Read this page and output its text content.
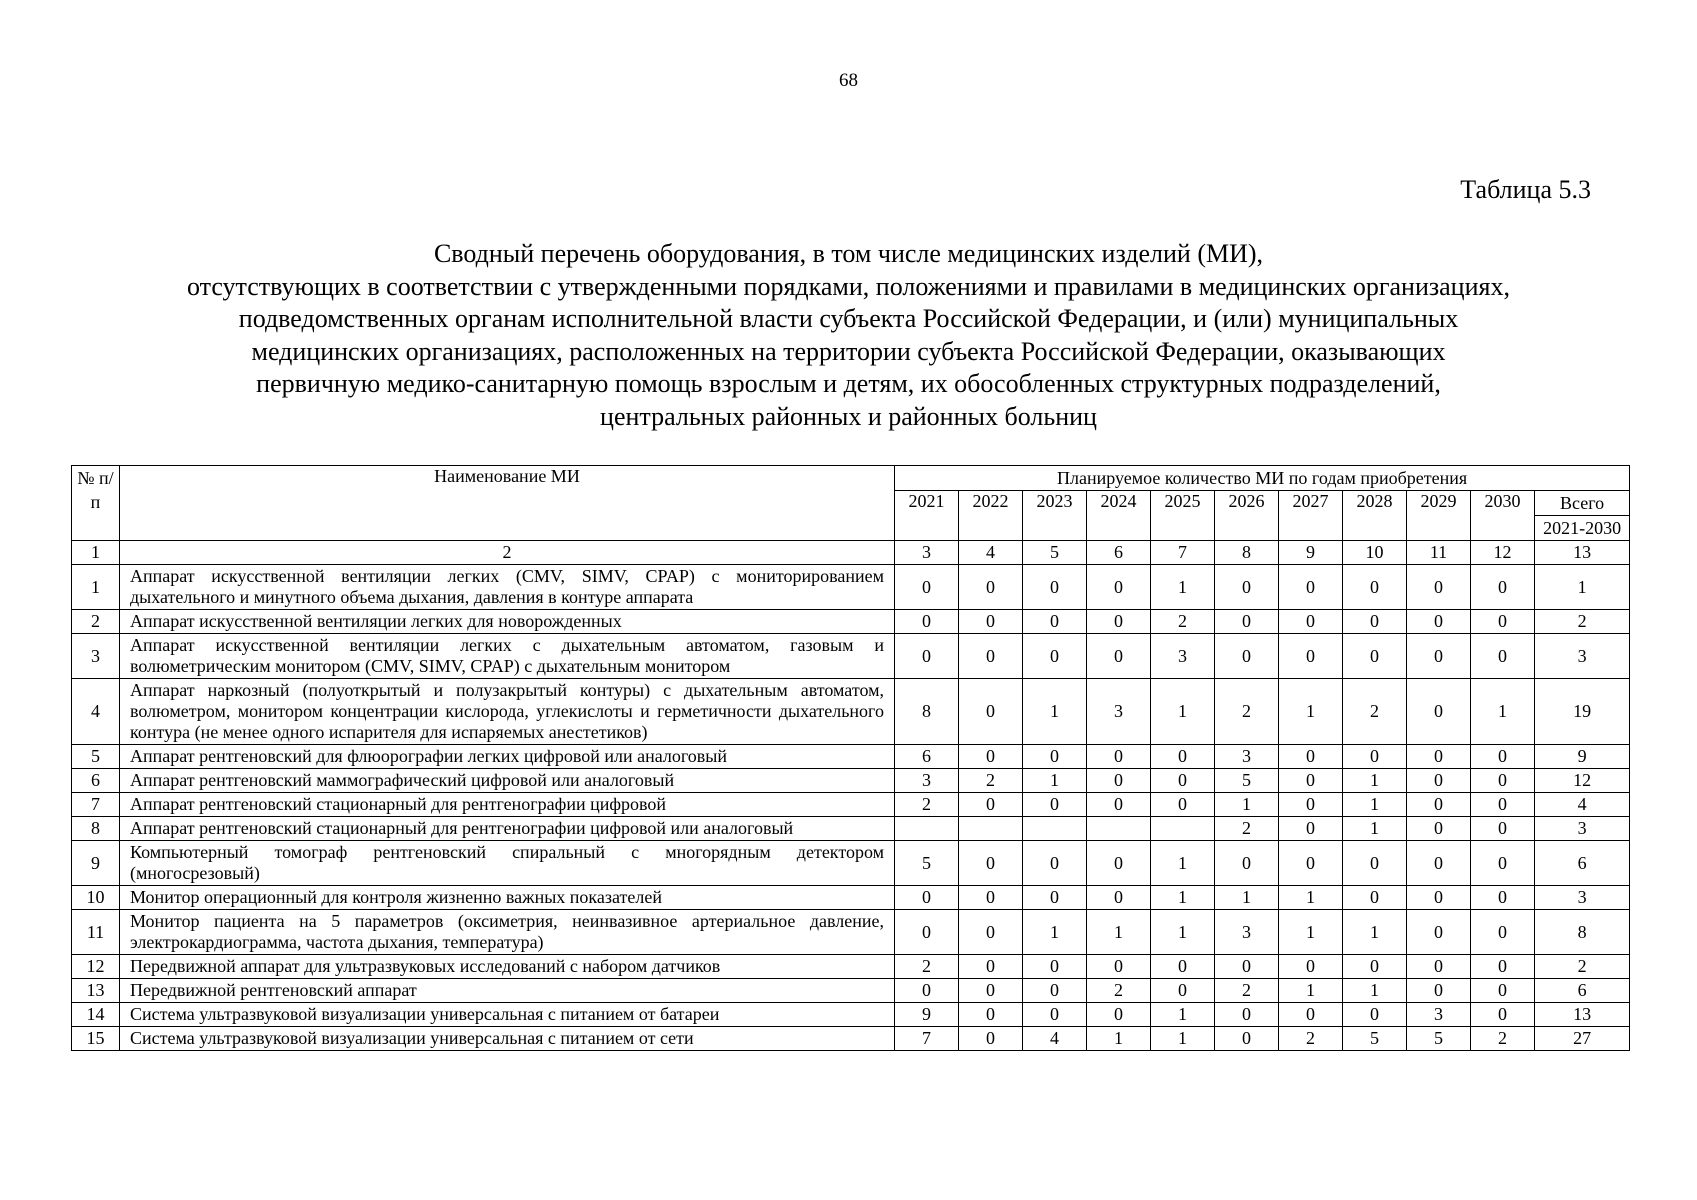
68
Таблица 5.3
Сводный перечень оборудования, в том числе медицинских изделий (МИ),
отсутствующих в соответствии с утвержденными порядками, положениями и правилами в медицинских организациях,
подведомственных органам исполнительной власти субъекта Российской Федерации, и (или) муниципальных
медицинских организациях, расположенных на территории субъекта Российской Федерации, оказывающих
первичную медико-санитарную помощь взрослым и детям, их обособленных структурных подразделений,
центральных районных и районных больниц
№ п/п	Наименование МИ	Планируемое количество МИ по годам приобретения										
		2021	2022	2023	2024	2025	2026	2027	2028	2029	2030	Всего
												2021-2030
1	2	3	4	5	6	7	8	9	10	11	12	13
1	Аппарат искусственной вентиляции легких (CMV, SIMV, CPAP) с мониторированием дыхательного и минутного объема дыхания, давления в контуре аппарата	0	0	0	0	1	0	0	0	0	0	1
2	Аппарат искусственной вентиляции легких для новорожденных	0	0	0	0	2	0	0	0	0	0	2
3	Аппарат искусственной вентиляции легких с дыхательным автоматом, газовым и волюметрическим монитором (CMV, SIMV, CPAP) с дыхательным монитором	0	0	0	0	3	0	0	0	0	0	3
4	Аппарат наркозный (полуоткрытый и полузакрытый контуры) с дыхательным автоматом, волюметром, монитором концентрации кислорода, углекислоты и герметичности дыхательного контура (не менее одного испарителя для испаряемых анестетиков)	8	0	1	3	1	2	1	2	0	1	19
5	Аппарат рентгеновский для флюорографии легких цифровой или аналоговый	6	0	0	0	0	3	0	0	0	0	9
6	Аппарат рентгеновский маммографический цифровой или аналоговый	3	2	1	0	0	5	0	1	0	0	12
7	Аппарат рентгеновский стационарный для рентгенографии цифровой	2	0	0	0	0	1	0	1	0	0	4
8	Аппарат рентгеновский стационарный для рентгенографии цифровой или аналоговый						2	0	1	0	0	3
9	Компьютерный томограф рентгеновский спиральный с многорядным детектором (многосрезовый)	5	0	0	0	1	0	0	0	0	0	6
10	Монитор операционный для контроля жизненно важных показателей	0	0	0	0	1	1	1	0	0	0	3
11	Монитор пациента на 5 параметров (оксиметрия, неинвазивное артериальное давление, электрокардиограмма, частота дыхания, температура)	0	0	1	1	1	3	1	1	0	0	8
12	Передвижной аппарат для ультразвуковых исследований с набором датчиков	2	0	0	0	0	0	0	0	0	0	2
13	Передвижной рентгеновский аппарат	0	0	0	2	0	2	1	1	0	0	6
14	Система ультразвуковой визуализации универсальная с питанием от батареи	9	0	0	0	1	0	0	0	3	0	13
15	Система ультразвуковой визуализации универсальная с питанием от сети	7	0	4	1	1	0	2	5	5	2	27
